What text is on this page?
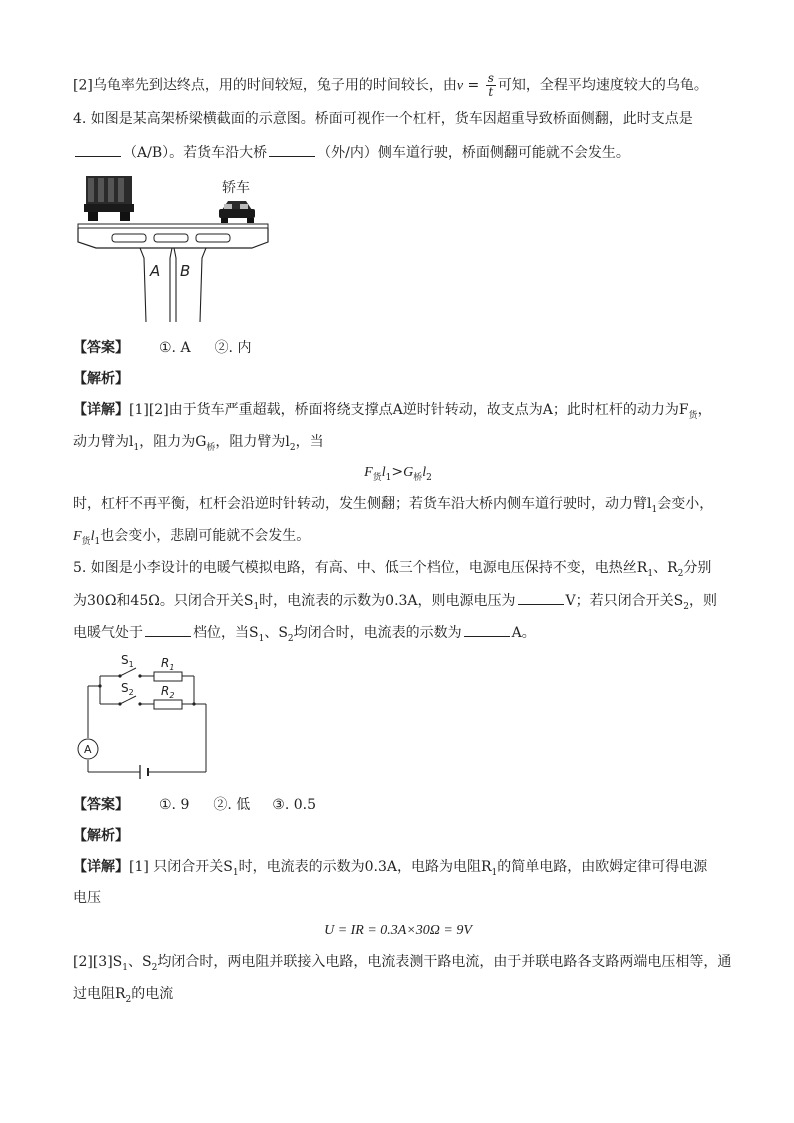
[2]乌龟率先到达终点，用的时间较短，兔子用的时间较长，由$v = \frac{s}{t}$ 可知，全程平均速度较大的乌龟。
4. 如图是某高架桥梁横截面的示意图。桥面可视作一个杠杆，货车因超重导致桥面侧翻，此时支点是
（A/B）。若货车沿大桥	（外/内）侧车道行驶，桥面侧翻可能就不会发生。
轿车
A B
【答案】 ①. A ②. 内
【解析】
【详解】[1][2]由于货车严重超载，桥面将绕支撑点A逆时针转动，故支点为A；此时杠杆的动力为$F_货$，
动力臂为$l_1$，阻力为$G_桥$，阻力臂为$l_2$，当
$F_货l_1>G_桥l_2$
时，杠杆不再平衡，杠杆会沿逆时针转动，发生侧翻；若货车沿大桥内侧车道行驶时，动力臂$l_1$会变小，
$F_货l_1$也会变小，悲剧可能就不会发生。
5. 如图是小李设计的电暖气模拟电路，有高、中、低三个档位，电源电压保持不变，电热丝$R_1$、$R_2$分别
为30Ω和45Ω。只闭合开关$S_1$时，电流表的示数为0.3A，则电源电压为	V；若只闭合开关$S_2$，则
电暖气处于	档位，当$S_1$、$S_2$均闭合时，电流表的示数为	A。
$S_1$ $R_1$
$S_2$ $R_2$
A
【答案】 ①. 9 ②. 低 ③. 0.5
【解析】
【详解】[1] 只闭合开关$S_1$时，电流表的示数为0.3A，电路为电阻$R_1$的简单电路，由欧姆定律可得电源
电压
U = IR = 0.3A×30Ω = 9V
$[2][3]S_1$、$S_2$均闭合时，两电阻并联接入电路，电流表测干路电流，由于并联电路各支路两端电压相等，通
过电阻$R_2$的电流
